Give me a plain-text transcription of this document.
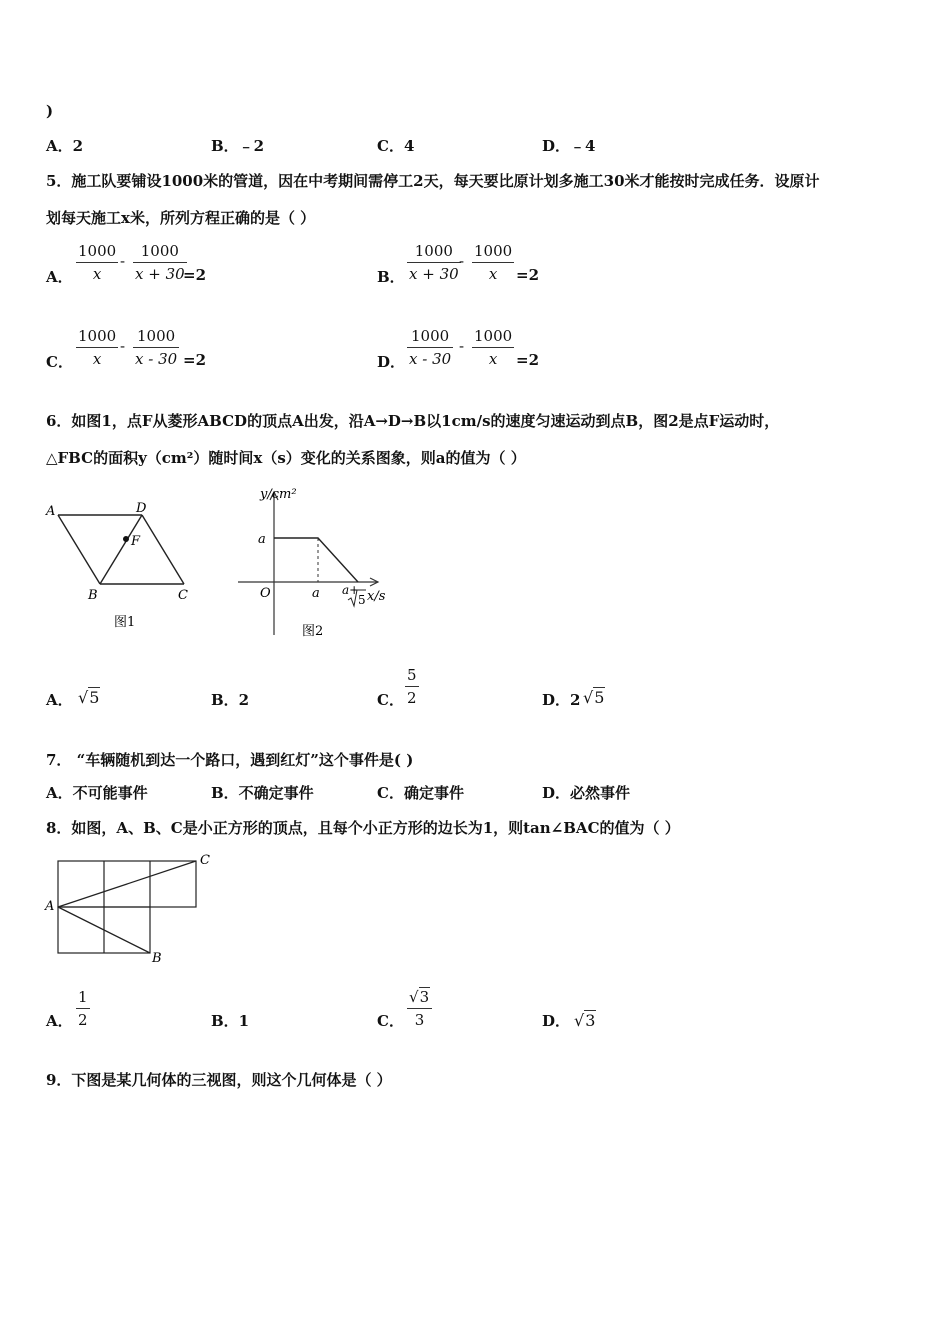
)
A．2	B．﹣2	C．4	D．﹣4
5．施工队要铺设1000米的管道，因在中考期间需停工2天，每天要比原计划多施工30米才能按时完成任务．设原计
划每天施工x米，所列方程正确的是（ ）
A． $\frac{1000}{x} - \frac{1000}{x + 30}$
=2	B． $\frac{1000}{x + 30}$
- $\frac{1000}{x} =2$
C． $\frac{1000}{x} - \frac{1000}{x - 30} =2$	D． $\frac{1000}{x - 30} - \frac{1000}{x} =2$
6．如图1，点F从菱形ABCD的顶点A出发，沿A→D→B以1cm/s的速度匀速运动到点B，图2是点F运动时，
△FBC的面积y（cm²）随时间x（s）变化的关系图象，则a的值为（ ）
A	D
F
B	C
图1
y/cm²
a
O	a a+
5 x/s
图2
A． √5	B．2	C． $\frac{5}{2}$	D．2 √5
7． “车辆随机到达一个路口，遇到红灯”这个事件是( )
A．不可能事件	B．不确定事件	C．确定事件	D．必然事件
8．如图，A、B、C是小正方形的顶点，且每个小正方形的边长为1，则tan∠BAC的值为（ ）
A
B
C
A． $\frac{1}{2}$	B．1	C． $\frac{√3}{3}$	D． √3
9．下图是某几何体的三视图，则这个几何体是（ ）
